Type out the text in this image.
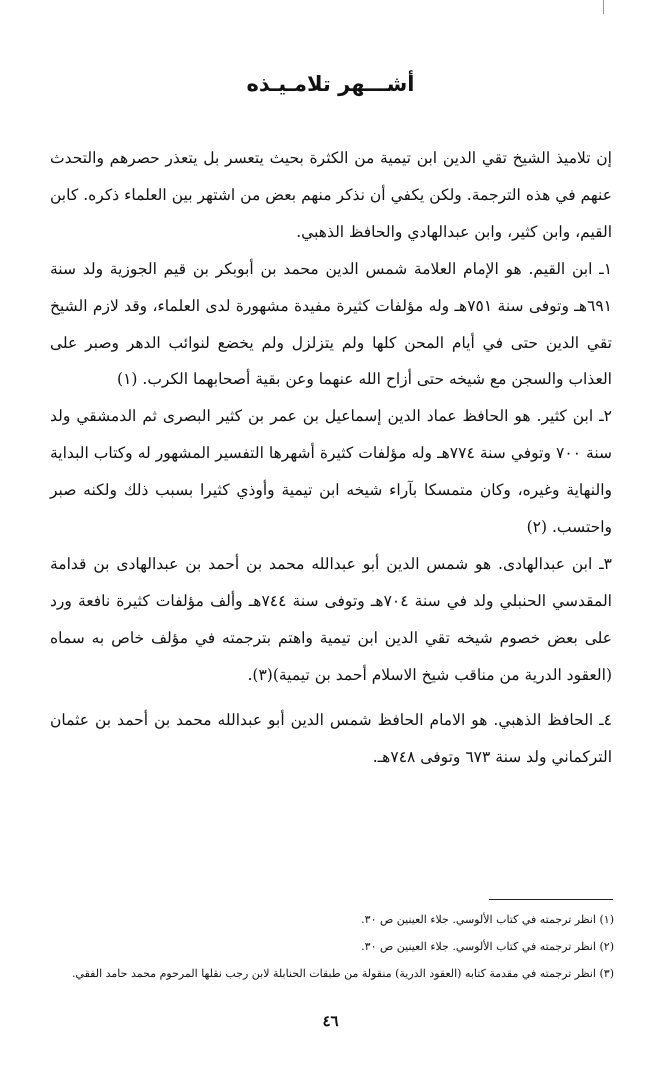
أشـــهر تلامـيـذه

إن تلاميذ الشيخ تقي الدين ابن تيمية من الكثرة بحيث يتعسر بل يتعذر حصرهم والتحدث عنهم في هذه الترجمة. ولكن يكفي أن نذكر منهم بعض من اشتهر بين العلماء ذكره. كابن القيم، وابن كثير، وابن عبدالهادي والحافظ الذهبي.

١ـ ابن القيم. هو الإمام العلامة شمس الدين محمد بن أبوبكر بن قيم الجوزية ولد سنة ٦٩١هـ وتوفى سنة ٧٥١هـ وله مؤلفات كثيرة مفيدة مشهورة لدى العلماء، وقد لازم الشيخ تقي الدين حتى في أيام المحن كلها ولم يتزلزل ولم يخضع لنوائب الدهر وصبر على العذاب والسجن مع شيخه حتى أزاح الله عنهما وعن بقية أصحابهما الكرب. (١)

٢ـ ابن كثير. هو الحافظ عماد الدين إسماعيل بن عمر بن كثير البصرى ثم الدمشقي ولد سنة ٧٠٠ وتوفي سنة ٧٧٤هـ وله مؤلفات كثيرة أشهرها التفسير المشهور له وكتاب البداية والنهاية وغيره، وكان متمسكا بآراء شيخه ابن تيمية وأوذي كثيرا بسبب ذلك ولكنه صبر واحتسب. (٢)

٣ـ ابن عبدالهادى. هو شمس الدين أبو عبدالله محمد بن أحمد بن عبدالهادى بن قدامة المقدسي الحنبلي ولد في سنة ٧٠٤هـ وتوفى سنة ٧٤٤هـ وألف مؤلفات كثيرة نافعة ورد على بعض خصوم شيخه تقي الدين ابن تيمية واهتم بترجمته في مؤلف خاص به سماه (العقود الدرية من مناقب شيخ الاسلام أحمد بن تيمية)(٣).

٤ـ الحافظ الذهبي. هو الامام الحافظ شمس الدين أبو عبدالله محمد بن أحمد بن عثمان التركماني ولد سنة ٦٧٣ وتوفى ٧٤٨هـ.

(١) انظر ترجمته في كتاب الألوسي. جلاء العينين ص ٣٠.

(٢) انظر ترجمته في كتاب الألوسي. جلاء العينين ص ٣٠.

(٣) انظر ترجمته في مقدمة كتابه (العقود الدرية) منقولة من طبقات الحنابلة لابن رجب نقلها المرحوم محمد حامد الفقي.

٤٦
